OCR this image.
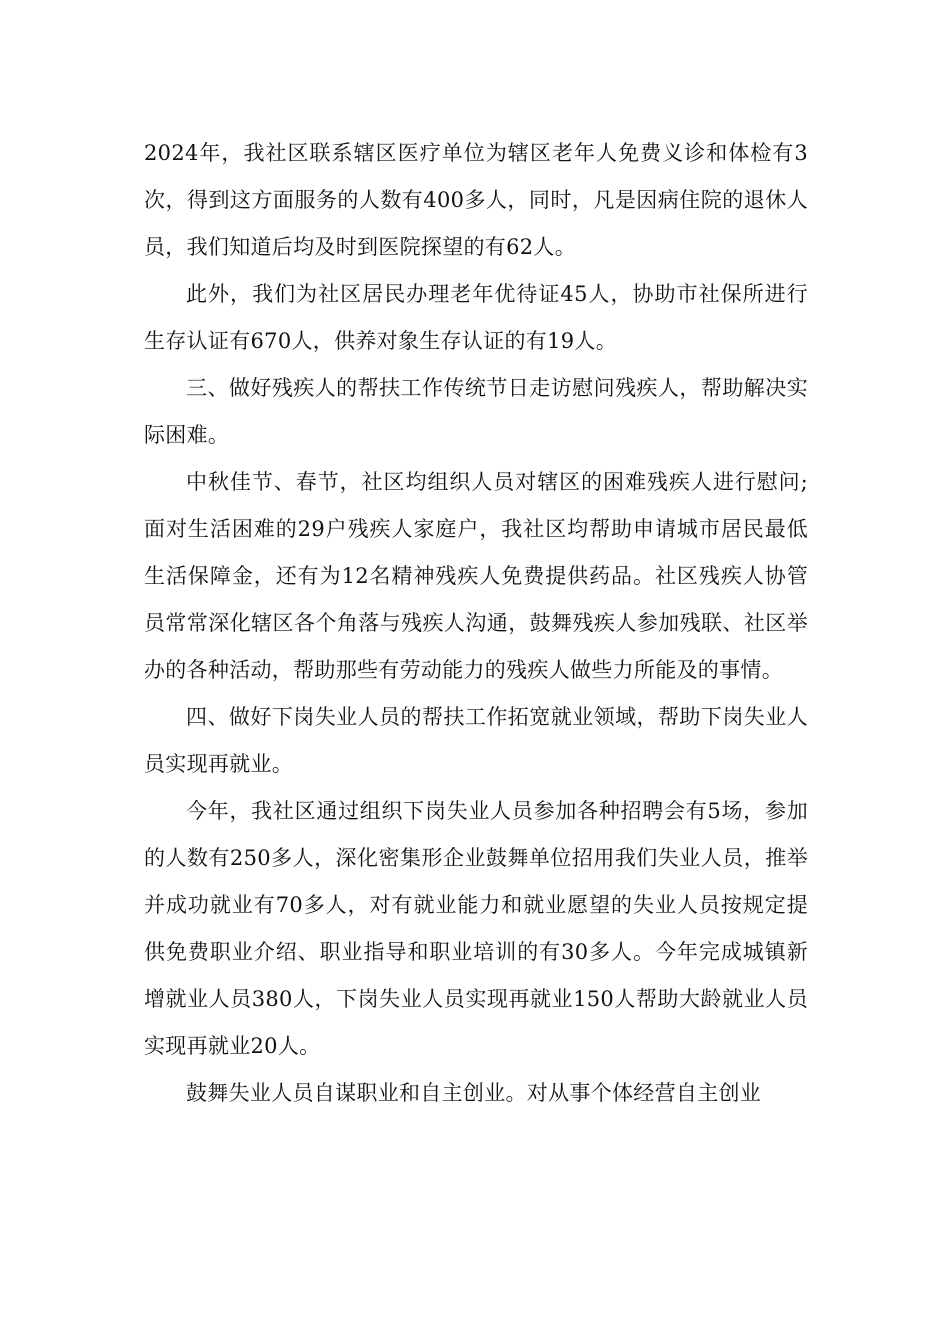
2024年，我社区联系辖区医疗单位为辖区老年人免费义诊和体检有3次，得到这方面服务的人数有400多人，同时，凡是因病住院的退休人员，我们知道后均及时到医院探望的有62人。

此外，我们为社区居民办理老年优待证45人，协助市社保所进行生存认证有670人，供养对象生存认证的有19人。

三、做好残疾人的帮扶工作传统节日走访慰问残疾人，帮助解决实际困难。

中秋佳节、春节，社区均组织人员对辖区的困难残疾人进行慰问;面对生活困难的29户残疾人家庭户，我社区均帮助申请城市居民最低生活保障金，还有为12名精神残疾人免费提供药品。社区残疾人协管员常常深化辖区各个角落与残疾人沟通，鼓舞残疾人参加残联、社区举办的各种活动，帮助那些有劳动能力的残疾人做些力所能及的事情。

四、做好下岗失业人员的帮扶工作拓宽就业领域，帮助下岗失业人员实现再就业。

今年，我社区通过组织下岗失业人员参加各种招聘会有5场，参加的人数有250多人，深化密集形企业鼓舞单位招用我们失业人员，推举并成功就业有70多人，对有就业能力和就业愿望的失业人员按规定提供免费职业介绍、职业指导和职业培训的有30多人。今年完成城镇新增就业人员380人，下岗失业人员实现再就业150人帮助大龄就业人员实现再就业20人。

鼓舞失业人员自谋职业和自主创业。对从事个体经营自主创业
